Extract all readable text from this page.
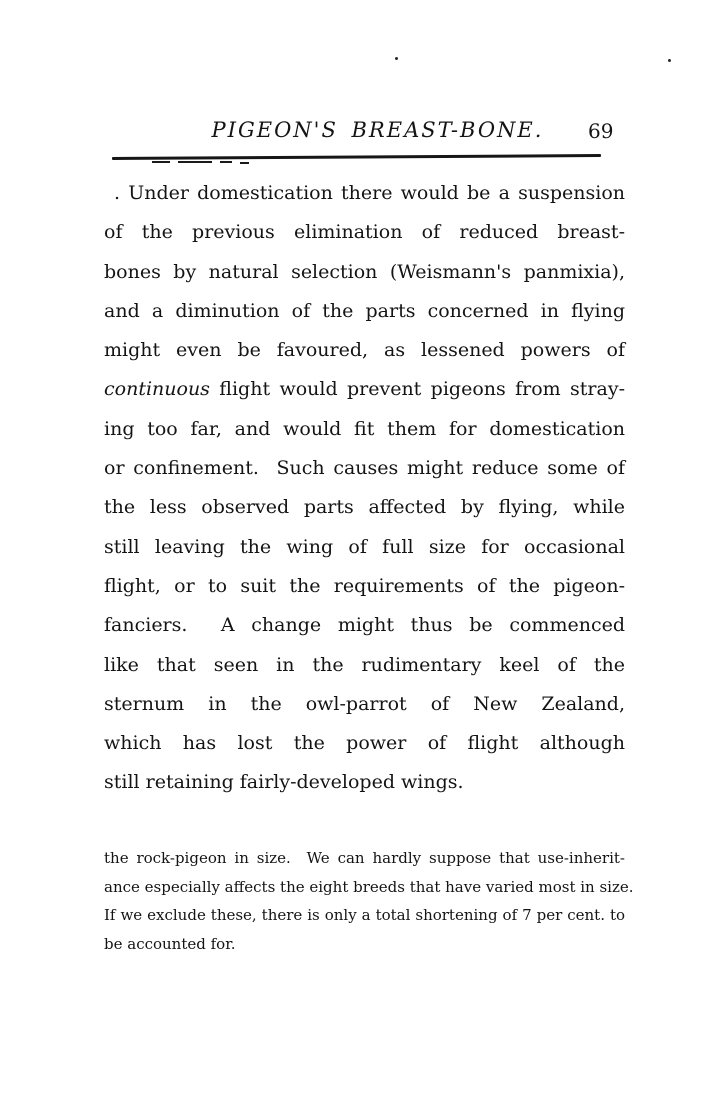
PIGEON'S BREAST-BONE. 69
. Under domestication there would be a suspension
of the previous elimination of reduced breast-
bones by natural selection (Weismann's panmixia),
and a diminution of the parts concerned in flying
might even be favoured, as lessened powers of
continuous flight would prevent pigeons from stray-
ing too far, and would fit them for domestication
or confinement.  Such causes might reduce some of
the less observed parts affected by flying, while
still leaving the wing of full size for occasional
flight, or to suit the requirements of the pigeon-
fanciers.  A change might thus be commenced
like that seen in the rudimentary keel of the
sternum in the owl-parrot of New Zealand,
which has lost the power of flight although
still retaining fairly-developed wings.
the rock-pigeon in size.  We can hardly suppose that use-inherit-
ance especially affects the eight breeds that have varied most in size.
If we exclude these, there is only a total shortening of 7 per cent. to
be accounted for.
